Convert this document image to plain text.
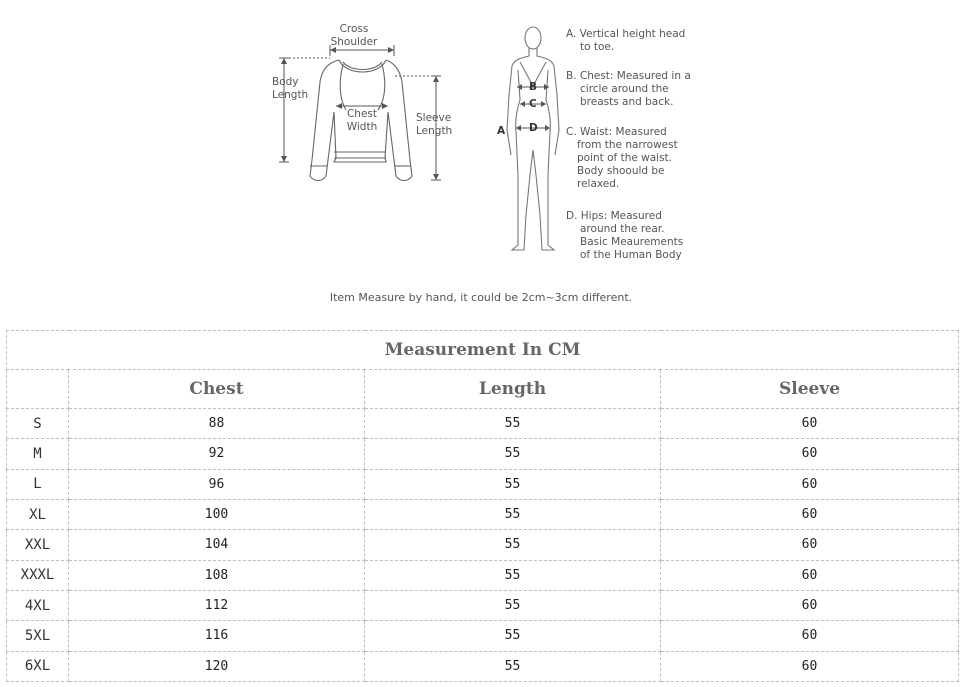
Cross
Shoulder
Body
Length
Chest
Width
Sleeve
Length	A
B
C
D
A. Vertical height head
to toe.
B. Chest: Measured in a
circle around the
breasts and back.
C. Waist: Measured
from the narrowest
point of the waist.
Body shoould be
relaxed.
D. Hips: Measured
around the rear.
Basic Meaurements
of the Human Body
Item Measure by hand, it could be 2cm~3cm different.
Measurement In CM			
	Chest	Length	Sleeve
S	88	55	60
M	92	55	60
L	96	55	60
XL	100	55	60
XXL	104	55	60
XXXL	108	55	60
4XL	112	55	60
5XL	116	55	60
6XL	120	55	60
